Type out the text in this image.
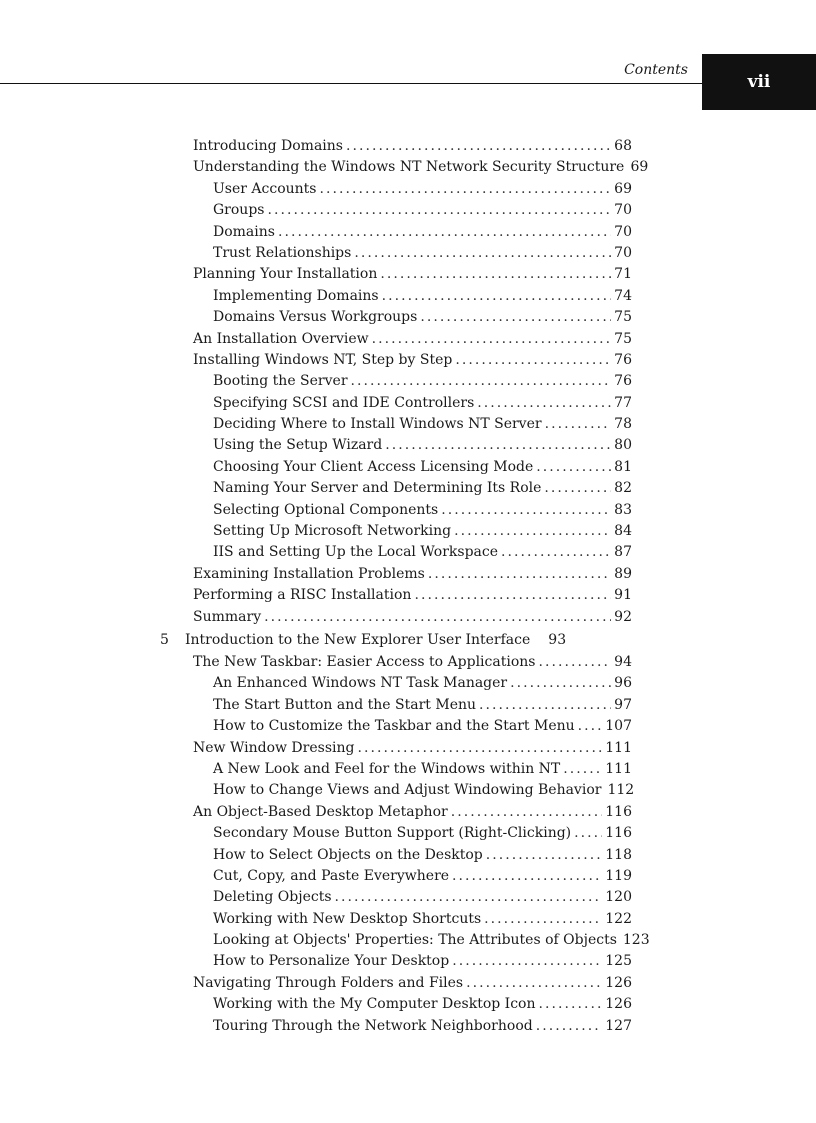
Contents
vii
Introducing Domains . . .	68
Understanding the Windows NT Network Security Structure 69
User Accounts . . .	69
Groups . . .	70
Domains . . .	70
Trust Relationships . . .	70
Planning Your Installation . . .	71
Implementing Domains . . .	74
Domains Versus Workgroups . . .	75
An Installation Overview . . .	75
Installing Windows NT, Step by Step . . .	76
Booting the Server . . .	76
Specifying SCSI and IDE Controllers . . .	77
Deciding Where to Install Windows NT Server . . .	78
Using the Setup Wizard . . .	80
Choosing Your Client Access Licensing Mode . . .	81
Naming Your Server and Determining Its Role . . .	82
Selecting Optional Components . . .	83
Setting Up Microsoft Networking . . .	84
IIS and Setting Up the Local Workspace . . .	87
Examining Installation Problems . . .	89
Performing a RISC Installation . . .	91
Summary . . .	92
5 Introduction to the New Explorer User Interface 93
The New Taskbar: Easier Access to Applications . . .	94
An Enhanced Windows NT Task Manager . . .	96
The Start Button and the Start Menu . . .	97
How to Customize the Taskbar and the Start Menu . . . 107
New Window Dressing . . .	111
A New Look and Feel for the Windows within NT . . .	111
How to Change Views and Adjust Windowing Behavior 112
An Object-Based Desktop Metaphor . . .	116
Secondary Mouse Button Support (Right-Clicking) . . . 116
How to Select Objects on the Desktop . . .	118
Cut, Copy, and Paste Everywhere . . .	119
Deleting Objects . . .	120
Working with New Desktop Shortcuts . . .	122
Looking at Objects' Properties: The Attributes of Objects 123
How to Personalize Your Desktop . . .	125
Navigating Through Folders and Files . . .	126
Working with the My Computer Desktop Icon . . .	126
Touring Through the Network Neighborhood . . .	127
